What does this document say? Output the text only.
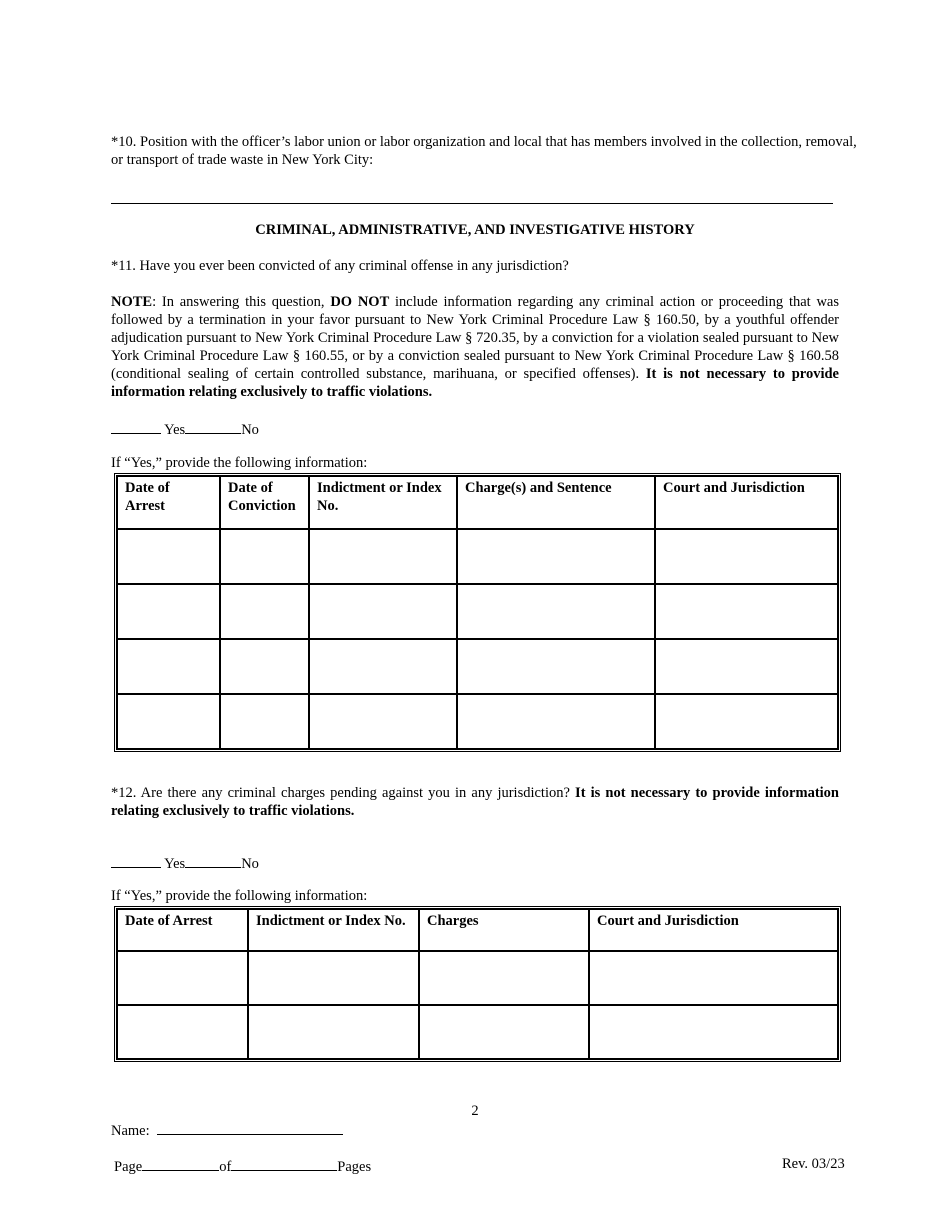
*10. Position with the officer’s labor union or labor organization and local that has members involved in the collection, removal, or transport of trade waste in New York City:
CRIMINAL, ADMINISTRATIVE, AND INVESTIGATIVE HISTORY
*11. Have you ever been convicted of any criminal offense in any jurisdiction?
NOTE: In answering this question, DO NOT include information regarding any criminal action or proceeding that was followed by a termination in your favor pursuant to New York Criminal Procedure Law § 160.50, by a youthful offender adjudication pursuant to New York Criminal Procedure Law § 720.35, by a conviction for a violation sealed pursuant to New York Criminal Procedure Law § 160.55, or by a conviction sealed pursuant to New York Criminal Procedure Law § 160.58 (conditional sealing of certain controlled substance, marihuana, or specified offenses). It is not necessary to provide information relating exclusively to traffic violations.
Yes	No
If “Yes,” provide the following information:
Date of Arrest	Date of Conviction	Indictment or Index No.	Charge(s) and Sentence	Court and Jurisdiction

*12. Are there any criminal charges pending against you in any jurisdiction? It is not necessary to provide information relating exclusively to traffic violations.
Yes	No
If “Yes,” provide the following information:
Date of Arrest	Indictment or Index No.	Charges	Court and Jurisdiction

2
Name:
Page	of	Pages	Rev. 03/23
